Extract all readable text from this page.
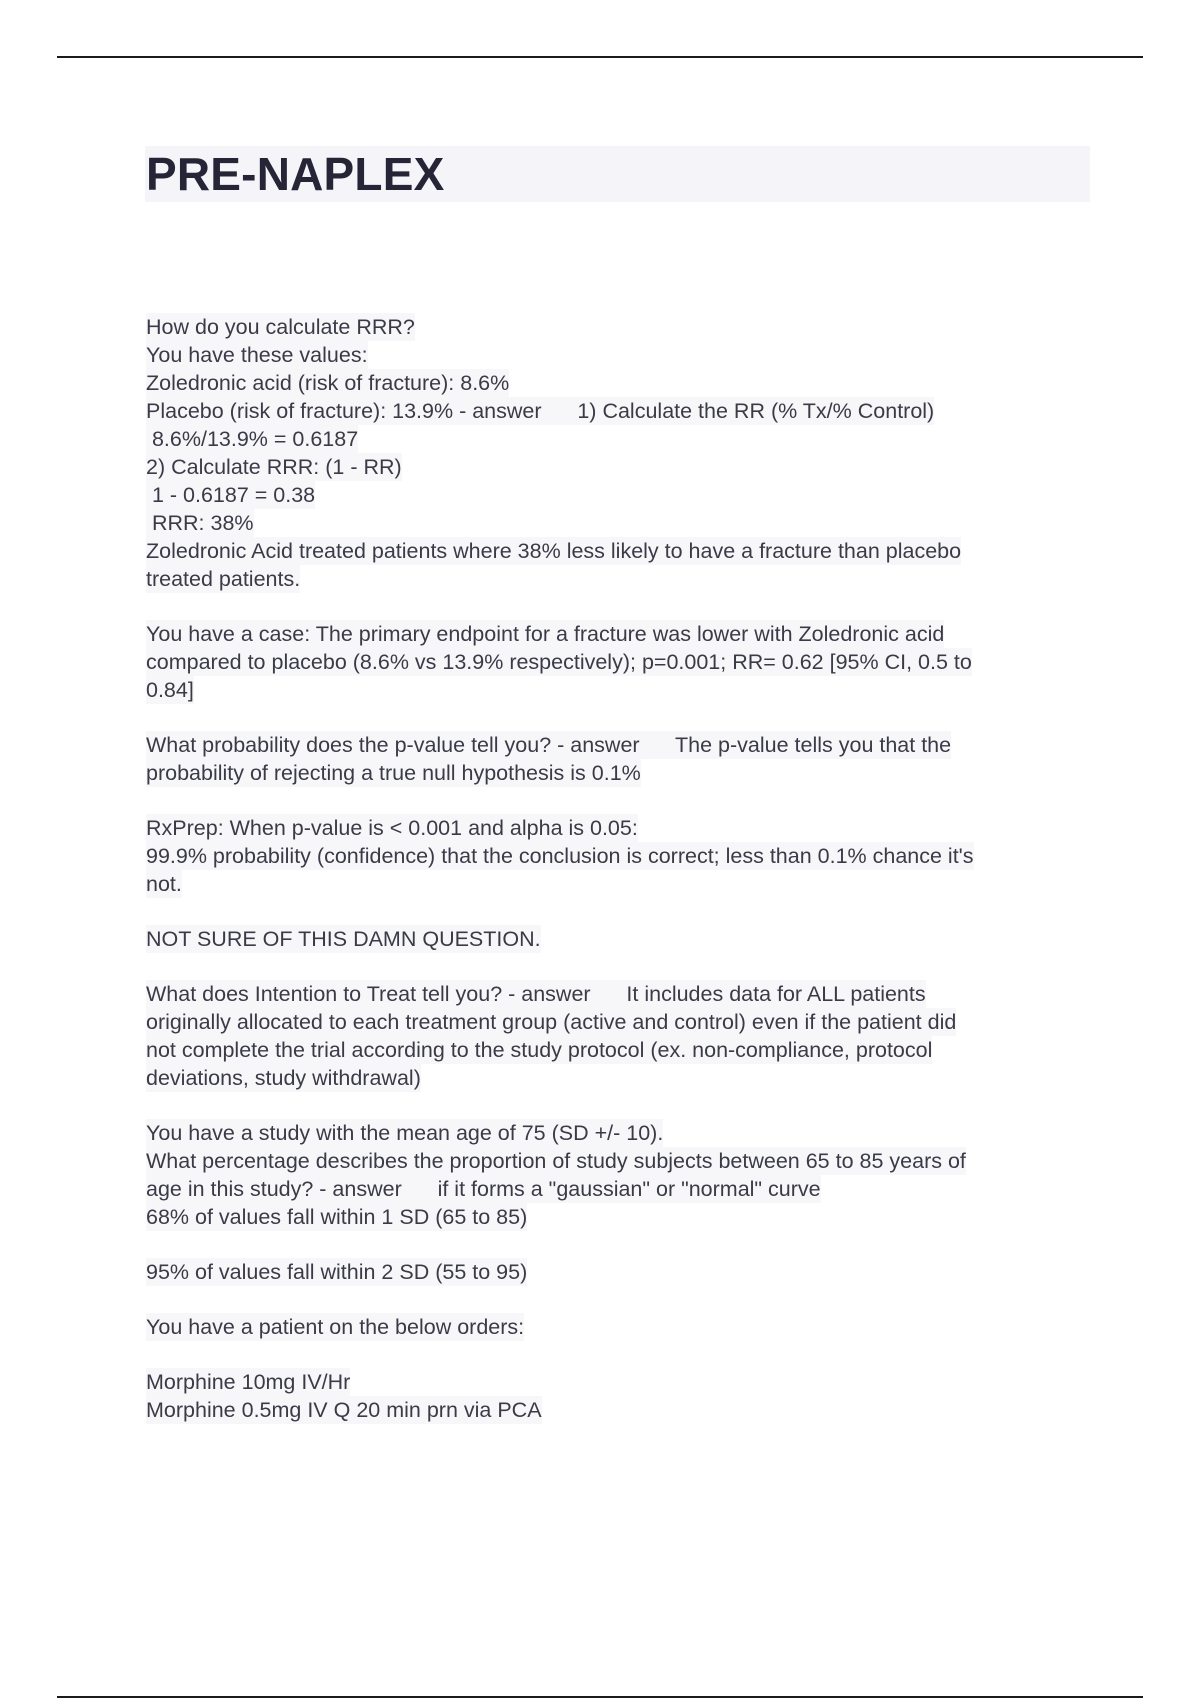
PRE-NAPLEX
How do you calculate RRR?
You have these values:
Zoledronic acid (risk of fracture): 8.6%
Placebo (risk of fracture): 13.9% - answer      1) Calculate the RR (% Tx/% Control)
8.6%/13.9% = 0.6187
2) Calculate RRR: (1 - RR)
1 - 0.6187 = 0.38
RRR: 38%
Zoledronic Acid treated patients where 38% less likely to have a fracture than placebo
treated patients.
You have a case: The primary endpoint for a fracture was lower with Zoledronic acid
compared to placebo (8.6% vs 13.9% respectively); p=0.001; RR= 0.62 [95% CI, 0.5 to
0.84]
What probability does the p-value tell you? - answer      The p-value tells you that the
probability of rejecting a true null hypothesis is 0.1%
RxPrep: When p-value is < 0.001 and alpha is 0.05:
99.9% probability (confidence) that the conclusion is correct; less than 0.1% chance it's
not.
NOT SURE OF THIS DAMN QUESTION.
What does Intention to Treat tell you? - answer      It includes data for ALL patients
originally allocated to each treatment group (active and control) even if the patient did
not complete the trial according to the study protocol (ex. non-compliance, protocol
deviations, study withdrawal)
You have a study with the mean age of 75 (SD +/- 10).
What percentage describes the proportion of study subjects between 65 to 85 years of
age in this study? - answer      if it forms a "gaussian" or "normal" curve
68% of values fall within 1 SD (65 to 85)
95% of values fall within 2 SD (55 to 95)
You have a patient on the below orders:
Morphine 10mg IV/Hr
Morphine 0.5mg IV Q 20 min prn via PCA
